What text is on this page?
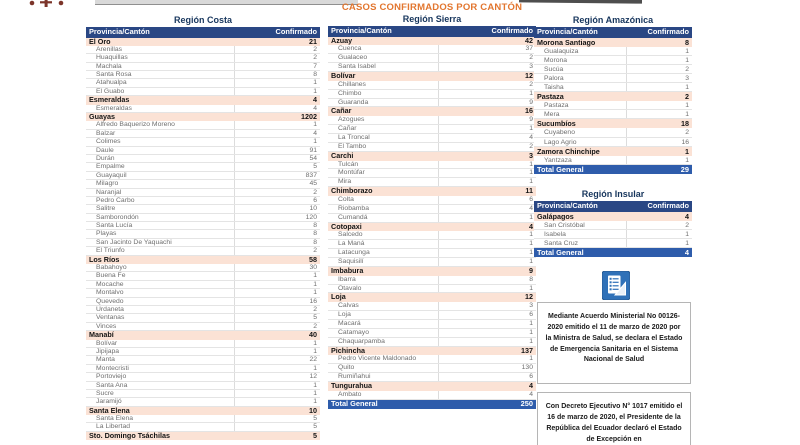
Región Costa
Provincia/Cantón	Confirmado
El Oro	21
Arenillas	2
Huaquillas	2
Machala	7
Santa Rosa	8
Atahualpa	1
El Guabo	1
Esmeraldas	4
Esmeraldas	4
Guayas	1202
Alfredo Baquerizo Moreno	1
Balzar	4
Colimes	1
Daule	91
Durán	54
Empalme	5
Guayaquil	837
Milagro	45
Naranjal	2
Pedro Carbo	6
Salitre	10
Samborondón	120
Santa Lucía	8
Playas	8
San Jacinto De Yaquachi	8
El Triunfo	2
Los Ríos	58
Babahoyo	30
Buena Fe	1
Mocache	1
Montalvo	1
Quevedo	16
Urdaneta	2
Ventanas	5
Vinces	2
Manabí	40
Bolívar	1
Jipijapa	1
Manta	22
Montecristi	1
Portoviejo	12
Santa Ana	1
Sucre	1
Jaramijó	1
Santa Elena	10
Santa Elena	5
La Libertad	5
Sto. Domingo Tsáchilas	5
CASOS CONFIRMADOS POR CANTÓN
Región Sierra
Provincia/Cantón	Confirmado
Azuay	42
Cuenca	37
Gualaceo	2
Santa Isabel	3
Bolívar	12
Chillanes	2
Chimbo	1
Guaranda	9
Cañar	16
Azogues	9
Cañar	1
La Troncal	4
El Tambo	2
Carchi	3
Tulcán	1
Montúfar	1
Mira	1
Chimborazo	11
Colta	6
Riobamba	4
Cumandá	1
Cotopaxi	4
Salcedo	1
La Maná	1
Latacunga	1
Saquisilí	1
Imbabura	9
Ibarra	8
Otavalo	1
Loja	12
Calvas	3
Loja	6
Macará	1
Catamayo	1
Chaquarpamba	1
Pichincha	137
Pedro Vicente Maldonado	1
Quito	130
Rumiñahui	6
Tungurahua	4
Ambato	4
Total General	250
Región Amazónica
Provincia/Cantón	Confirmado
Morona Santiago	8
Gualaquiza	1
Morona	1
Sucúa	2
Palora	3
Taisha	1
Pastaza	2
Pastaza	1
Mera	1
Sucumbíos	18
Cuyabeno	2
Lago Agrio	16
Zamora Chinchipe	1
Yantzaza	1
Total General	29
Región Insular
Provincia/Cantón	Confirmado
Galápagos	4
San Cristóbal	2
Isabela	1
Santa Cruz	1
Total General	4
Mediante Acuerdo Ministerial No 00126-2020 emitido el 11 de marzo de 2020 por la Ministra de Salud, se declara el Estado de Emergencia Sanitaria en el Sistema Nacional de Salud
Con Decreto Ejecutivo N° 1017 emitido el 16 de marzo de 2020, el Presidente de la República del Ecuador declaró el Estado de Excepción en
